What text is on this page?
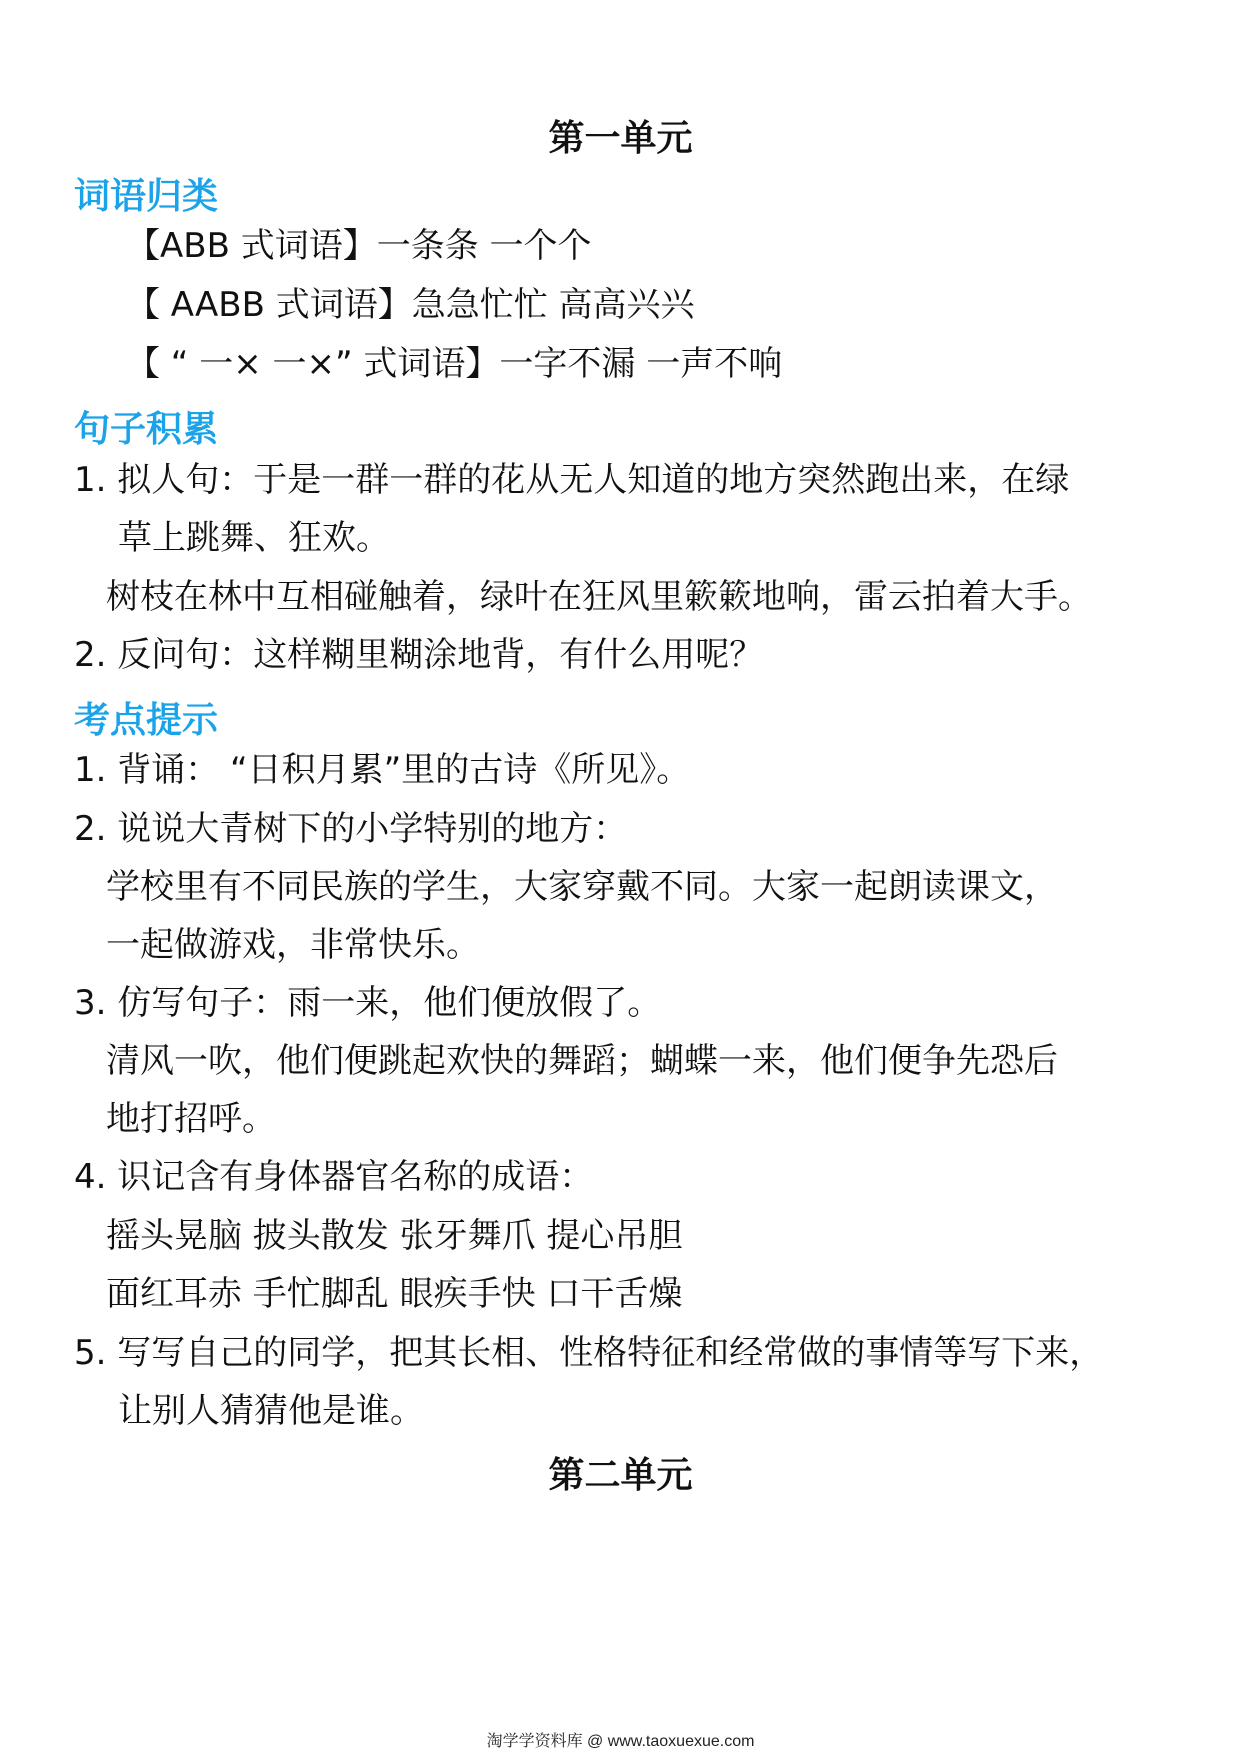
第一单元
词语归类
【ABB 式词语】一条条 一个个
【 AABB 式词语】急急忙忙 高高兴兴
【 “ 一× 一×” 式词语】一字不漏 一声不响
句子积累
1. 拟人句：于是一群一群的花从无人知道的地方突然跑出来，在绿
草上跳舞、狂欢。
树枝在林中互相碰触着，绿叶在狂风里簌簌地响，雷云拍着大手。
2. 反问句：这样糊里糊涂地背，有什么用呢？
考点提示
1. 背诵： “日积月累”里的古诗《所见》。
2. 说说大青树下的小学特别的地方：
学校里有不同民族的学生，大家穿戴不同。大家一起朗读课文，
一起做游戏，非常快乐。
3. 仿写句子：雨一来，他们便放假了。
清风一吹，他们便跳起欢快的舞蹈；蝴蝶一来，他们便争先恐后
地打招呼。
4. 识记含有身体器官名称的成语：
摇头晃脑 披头散发 张牙舞爪 提心吊胆
面红耳赤 手忙脚乱 眼疾手快 口干舌燥
5. 写写自己的同学，把其长相、性格特征和经常做的事情等写下来，
让别人猜猜他是谁。
第二单元
淘学学资料库 @ www.taoxuexue.com
